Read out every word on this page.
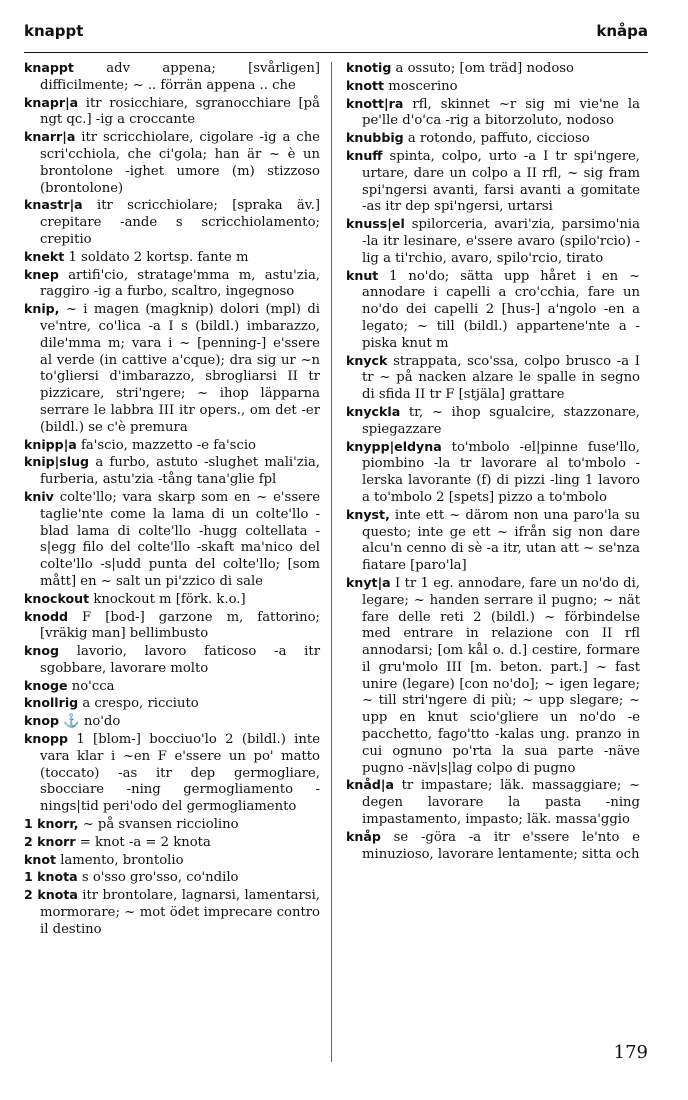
knappt	knåpa

knappt adv appena; [svårligen] difficilmente; ~ .. förrän appena .. che

knapr|a itr rosicchiare, sgranocchiare [på ngt qc.] -ig a croccante

knarr|a itr scricchiolare, cigolare -ig a che scri'cchiola, che ci'gola; han är ~ è un brontolone -ighet umore (m) stizzoso (brontolone)

knastr|a itr scricchiolare; [spraka äv.] crepitare -ande s scricchiolamento; crepitio

knekt 1 soldato 2 kortsp. fante m

knep artifi'cio, stratage'mma m, astu'zia, raggiro -ig a furbo, scaltro, ingegnoso

knip, ~ i magen (magknip) dolori (mpl) di ve'ntre, co'lica -a I s (bildl.) imbarazzo, dile'mma m; vara i ~ [penning-] e'ssere al verde (in cattive a'cque); dra sig ur ~n to'gliersi d'imbarazzo, sbrogliarsi II tr pizzicare, stri'ngere; ~ ihop läpparna serrare le labbra III itr opers., om det -er (bildl.) se c'è premura

knipp|a fa'scio, mazzetto -e fa'scio

knip|slug a furbo, astuto -slughet mali'zia, furberia, astu'zia -tång tana'glie fpl

kniv colte'llo; vara skarp som en ~ e'ssere taglie'nte come la lama di un colte'llo -blad lama di colte'llo -hugg coltellata -s|egg filo del colte'llo -skaft ma'nico del colte'llo -s|udd punta del colte'llo; [som mått] en ~ salt un pi'zzico di sale

knockout knockout m [förk. k.o.]

knodd F [bod-] garzone m, fattorino; [vräkig man] bellimbusto

knog lavorio, lavoro faticoso -a itr sgobbare, lavorare molto

knoge no'cca

knollrig a crespo, ricciuto

knop ⚓ no'do

knopp 1 [blom-] bocciuo'lo 2 (bildl.) inte vara klar i ~en F e'ssere un po' matto (toccato) -as itr dep germogliare, sbocciare -ning germogliamento -nings|tid peri'odo del germogliamento

1 knorr, ~ på svansen ricciolino

2 knorr = knot -a = 2 knota

knot lamento, brontolio

1 knota s o'sso gro'sso, co'ndilo

2 knota itr brontolare, lagnarsi, lamentarsi, mormorare; ~ mot ödet imprecare contro il destino

knotig a ossuto; [om träd] nodoso

knott moscerino

knott|ra rfl, skinnet ~r sig mi vie'ne la pe'lle d'o'ca -rig a bitorzoluto, nodoso

knubbig a rotondo, paffuto, ciccioso

knuff spinta, colpo, urto -a I tr spi'ngere, urtare, dare un colpo a II rfl, ~ sig fram spi'ngersi avanti, farsi avanti a gomitate -as itr dep spi'ngersi, urtarsi

knuss|el spilorceria, avari'zia, parsimo'nia -la itr lesinare, e'ssere avaro (spilo'rcio) -lig a ti'rchio, avaro, spilo'rcio, tirato

knut 1 no'do; sätta upp håret i en ~ annodare i capelli a cro'cchia, fare un no'do dei capelli 2 [hus-] a'ngolo -en a legato; ~ till (bildl.) appartene'nte a -piska knut m

knyck strappata, sco'ssa, colpo brusco -a I tr ~ på nacken alzare le spalle in segno di sfida II tr F [stjäla] grattare

knyckla tr, ~ ihop sgualcire, stazzonare, spiegazzare

knypp|eldyna to'mbolo -el|pinne fuse'llo, piombino -la tr lavorare al to'mbolo -lerska lavorante (f) di pizzi -ling 1 lavoro a to'mbolo 2 [spets] pizzo a to'mbolo

knyst, inte ett ~ därom non una paro'la su questo; inte ge ett ~ ifrån sig non dare alcu'n cenno di sè -a itr, utan att ~ se'nza fiatare [paro'la]

knyt|a I tr 1 eg. annodare, fare un no'do di, legare; ~ handen serrare il pugno; ~ nät fare delle reti 2 (bildl.) ~ förbindelse med entrare in relazione con II rfl annodarsi; [om kål o. d.] cestire, formare il gru'molo III [m. beton. part.] ~ fast unire (legare) [con no'do]; ~ igen legare; ~ till stri'ngere di più; ~ upp slegare; ~ upp en knut scio'gliere un no'do -e pacchetto, fago'tto -kalas ung. pranzo in cui ognuno po'rta la sua parte -näve pugno -näv|s|lag colpo di pugno

knåd|a tr impastare; läk. massaggiare; ~ degen lavorare la pasta -ning impastamento, impasto; läk. massa'ggio

knåp se -göra -a itr e'ssere le'nto e minuzioso, lavorare lentamente; sitta och

179
